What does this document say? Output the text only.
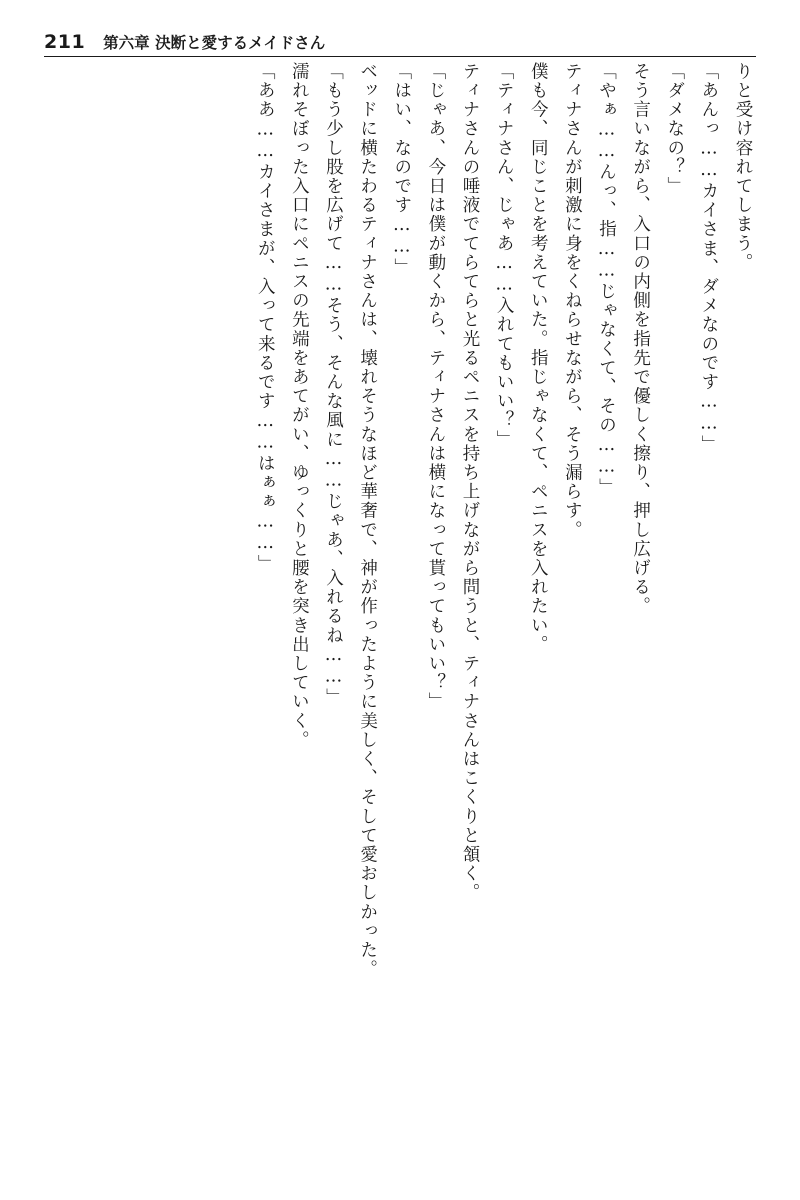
211 第六章 決断と愛するメイドさん

りと受け容れてしまう。

「あんっ……カイさま、ダメなのです……」

「ダメなの？」

そう言いながら、入口の内側を指先で優しく擦り、押し広げる。

「やぁ……んっ、指……じゃなくて、その……」

ティナさんが刺激に身をくねらせながら、そう漏らす。

僕も今、同じことを考えていた。指じゃなくて、ペニスを入れたい。

「ティナさん、じゃあ……入れてもいい？」

ティナさんの唾液でてらてらと光るペニスを持ち上げながら問うと、ティナさんはこくりと頷く。

「じゃあ、今日は僕が動くから、ティナさんは横になって貰ってもいい？」

「はい、なのです……」

ベッドに横たわるティナさんは、壊れそうなほど華奢で、神が作ったように美しく、そして愛おしかった。

「もう少し股を広げて……そう、そんな風に……じゃあ、入れるね……」

濡れそぼった入口にペニスの先端をあてがい、ゆっくりと腰を突き出していく。

「ああ……カイさまが、入って来るです……はぁぁ……」
